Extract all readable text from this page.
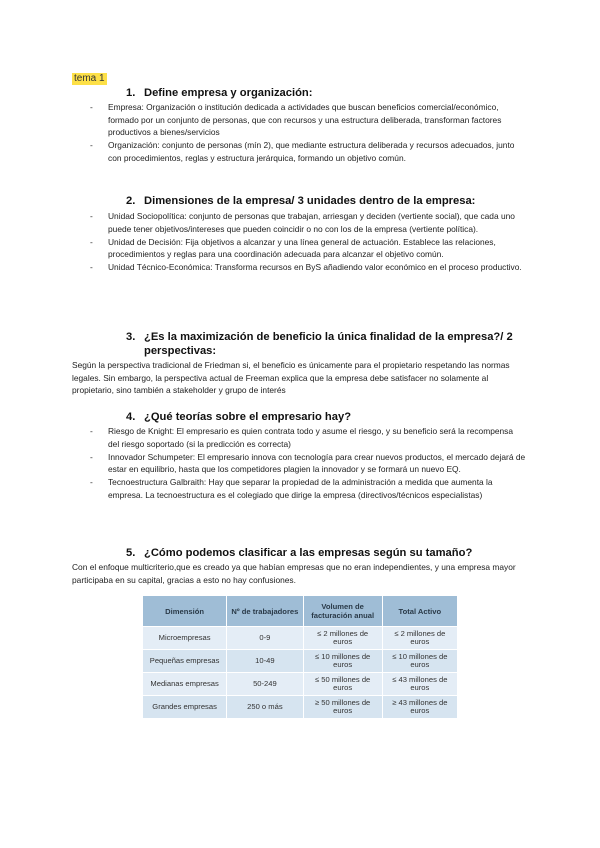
tema 1
1. Define empresa y organización:
- Empresa: Organización o institución dedicada a actividades que buscan beneficios comercial/económico, formado por un conjunto de personas, que con recursos y una estructura deliberada, transforman factores productivos a bienes/servicios
- Organización: conjunto de personas (mín 2), que mediante estructura deliberada y recursos adecuados, junto con procedimientos, reglas y estructura jerárquica, formando un objetivo común.
2. Dimensiones de la empresa/ 3 unidades dentro de la empresa:
- Unidad Sociopolítica: conjunto de personas que trabajan, arriesgan y deciden (vertiente social), que cada uno puede tener objetivos/intereses que pueden coincidir o no con los de la empresa (vertiente política).
- Unidad de Decisión: Fija objetivos a alcanzar y una línea general de actuación. Establece las relaciones, procedimientos y reglas para una coordinación adecuada para alcanzar el objetivo común.
- Unidad Técnico-Económica: Transforma recursos en ByS añadiendo valor económico en el proceso productivo.
3. ¿Es la maximización de beneficio la única finalidad de la empresa?/ 2
perspectivas:
Según la perspectiva tradicional de Friedman si, el beneficio es únicamente para el propietario respetando las normas legales. Sin embargo, la perspectiva actual de Freeman explica que la empresa debe satisfacer no solamente al propietario, sino también a stakeholder y grupo de interés
4. ¿Qué teorías sobre el empresario hay?
- Riesgo de Knight: El empresario es quien contrata todo y asume el riesgo, y su beneficio será la recompensa del riesgo soportado (si la predicción es correcta)
- Innovador Schumpeter: El empresario innova con tecnología para crear nuevos productos, el mercado dejará de estar en equilibrio, hasta que los competidores plagien la innovador y se formará un nuevo EQ.
- Tecnoestructura Galbraith: Hay que separar la propiedad de la administración a medida que aumenta la empresa. La tecnoestructura es el colegiado que dirige la empresa (directivos/técnicos especialistas)
5. ¿Cómo podemos clasificar a las empresas según su tamaño?
Con el enfoque multicriterio,que es creado ya que habían empresas que no eran independientes, y una empresa mayor participaba en su capital, gracias a esto no hay confusiones.
Dimensión	Nº de trabajadores	Volumen de facturación anual	Total Activo
Microempresas	0-9	≤ 2 millones de euros	≤ 2 millones de euros
Pequeñas empresas	10-49	≤ 10 millones de euros	≤ 10 millones de euros
Medianas empresas	50-249	≤ 50 millones de euros	≤ 43 millones de euros
Grandes empresas	250 o más	≥ 50 millones de euros	≥ 43 millones de euros
